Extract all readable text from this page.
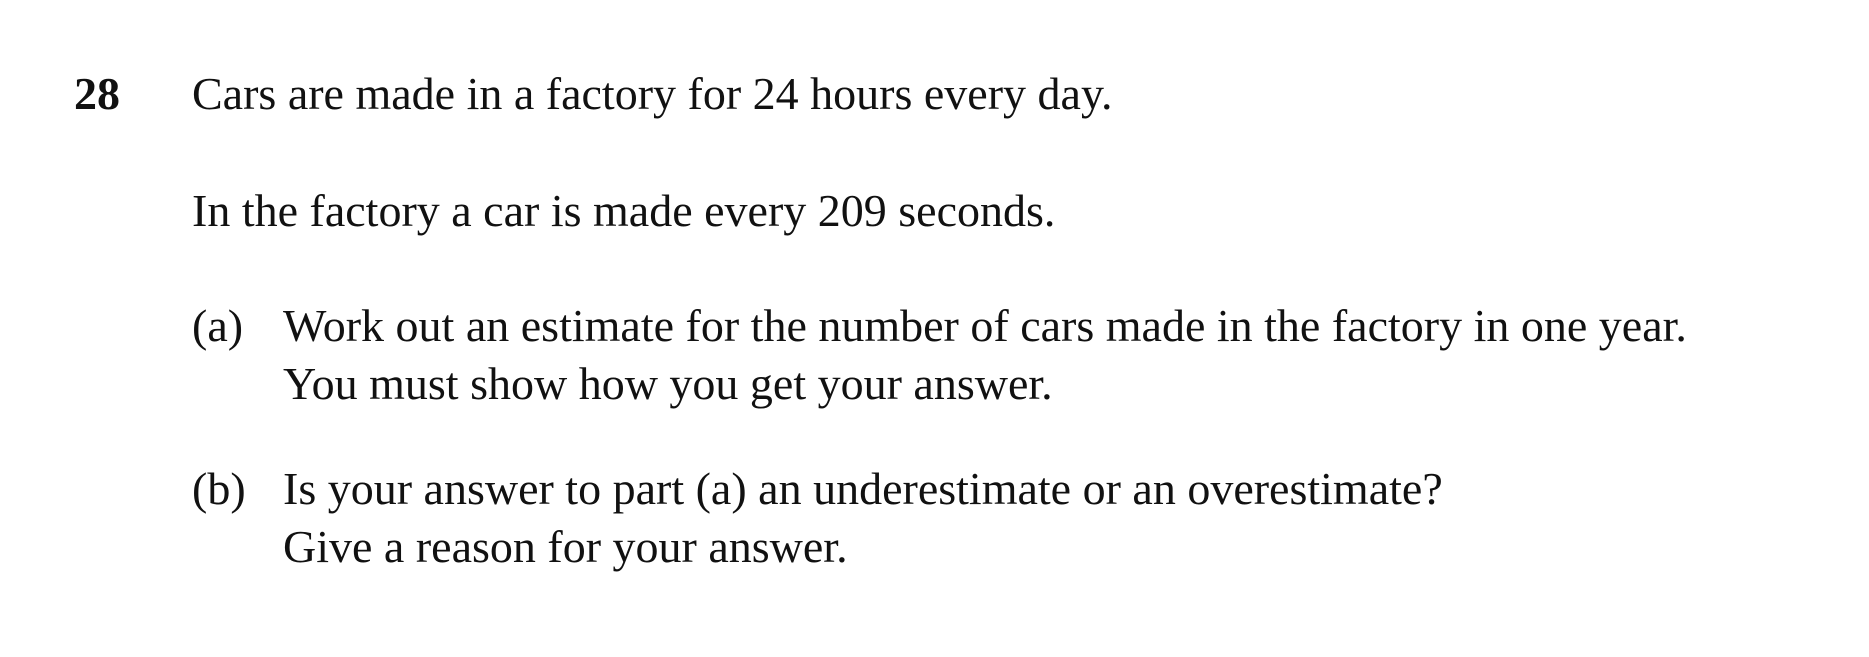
28 Cars are made in a factory for 24 hours every day.
In the factory a car is made every 209 seconds.
(a) Work out an estimate for the number of cars made in the factory in one year.
You must show how you get your answer.
(b) Is your answer to part (a) an underestimate or an overestimate?
Give a reason for your answer.
